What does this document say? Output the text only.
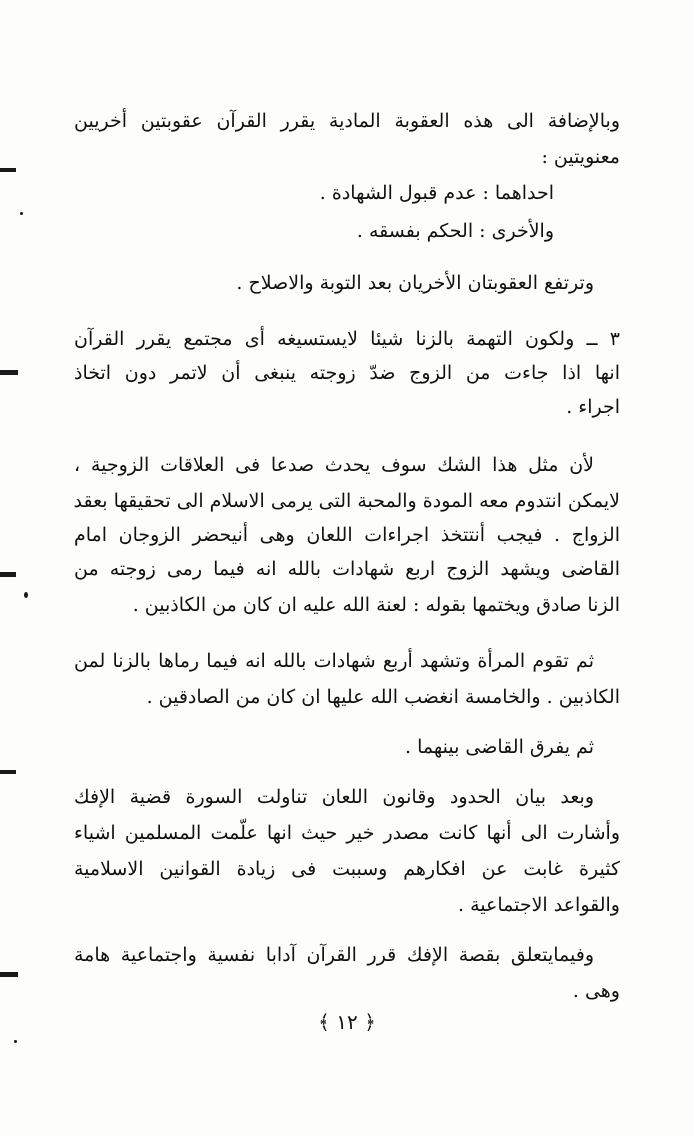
وبالإضافة الى هذه العقوبة المادية يقرر القرآن عقوبتين أخريين

معنويتين :

احداهما : عدم قبول الشهادة .

والأخرى : الحكم بفسقه .

وترتفع العقوبتان الأخريان بعد التوبة والاصلاح .

٣ ــ ولكون التهمة بالزنا شيئا لايستسيغه أى مجتمع يقرر القرآن

انها اذا جاءت من الزوج ضدّ زوجته ينبغى أن لاتمر دون اتخاذ

اجراء .

لأن مثل هذا الشك سوف يحدث صدعا فى العلاقات الزوجية ،

لايمكن انتدوم معه المودة والمحبة التى يرمى الاسلام الى تحقيقها بعقد

الزواج . فيجب أنتتخذ اجراءات اللعان وهى أنيحضر الزوجان امام

القاضى ويشهد الزوج اربع شهادات بالله انه فيما رمى زوجته من

الزنا صادق ويختمها بقوله : لعنة الله عليه ان كان من الكاذبين .

ثم تقوم المرأة وتشهد أربع شهادات بالله انه فيما رماها بالزنا لمن

الكاذبين . والخامسة انغضب الله عليها ان كان من الصادقين .

ثم يفرق القاضى بينهما .

وبعد بيان الحدود وقانون اللعان تناولت السورة قضية الإفك

وأشارت الى أنها كانت مصدر خير حيث انها علّمت المسلمين اشياء

كثيرة غابت عن افكارهم وسببت فى زيادة القوانين الاسلامية

والقواعد الاجتماعية .

وفيمايتعلق بقصة الإفك قرر القرآن آدابا نفسية واجتماعية هامة

وهى .

﴿ ١٢ ﴾
